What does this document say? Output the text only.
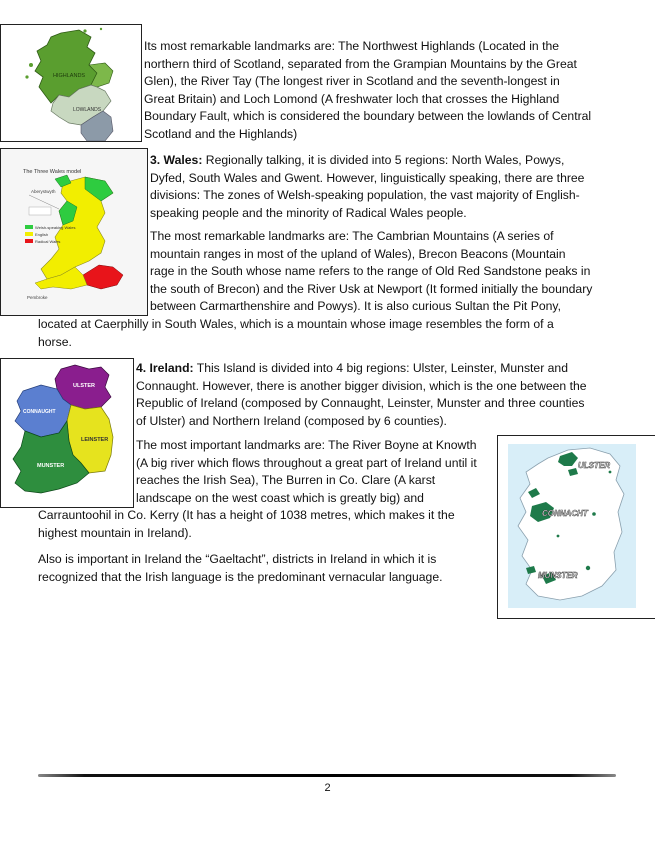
HIGHLANDS
LOWLANDS
Its most remarkable landmarks are: The Northwest Highlands (Located in the
northern third of Scotland, separated from the Grampian Mountains by the Great
Glen), the River Tay (The longest river in Scotland and the seventh-longest in
Great Britain) and Loch Lomond (A freshwater loch that crosses the Highland
Boundary Fault, which is considered the boundary between the lowlands of Central
Scotland and the Highlands)
The Three Wales model
Aberystwyth
Welsh-speaking Wales
English
Radical Wales
Pembroke
3. Wales: Regionally talking, it is divided into 5 regions: North Wales, Powys,
Dyfed, South Wales and Gwent. However, linguistically speaking, there are three
divisions: The zones of Welsh-speaking population, the vast majority of English-
speaking people and the minority of Radical Wales people.
The most remarkable landmarks are: The Cambrian Mountains (A series of
mountain ranges in most of the upland of Wales), Brecon Beacons (Mountain
rage in the South whose name refers to the range of Old Red Sandstone peaks in
the south of Brecon) and the River Usk at Newport (It formed initially the boundary
between Carmarthenshire and Powys). It is also curious Sultan the Pit Pony,
located at Caerphilly in South Wales, which is a mountain whose image resembles the form of a
horse.
ULSTER
CONNAUGHT
LEINSTER
MUNSTER
4. Ireland: This Island is divided into 4 big regions: Ulster, Leinster, Munster and
Connaught. However, there is another bigger division, which is the one between the
Republic of Ireland (composed by Connaught, Leinster, Munster and three counties
of Ulster) and Northern Ireland (composed by 6 counties).
The most important landmarks are: The River Boyne at Knowth
(A big river which flows throughout a great part of Ireland until it
reaches the Irish Sea), The Burren in Co. Clare (A karst
landscape on the west coast which is greatly big) and
Carrauntoohil in Co. Kerry (It has a height of 1038 metres, which makes it the
highest mountain in Ireland).
Also is important in Ireland the “Gaeltacht”, districts in Ireland in which it is
recognized that the Irish language is the predominant vernacular language.
ULSTER
CONNACHT
MUNSTER
2
